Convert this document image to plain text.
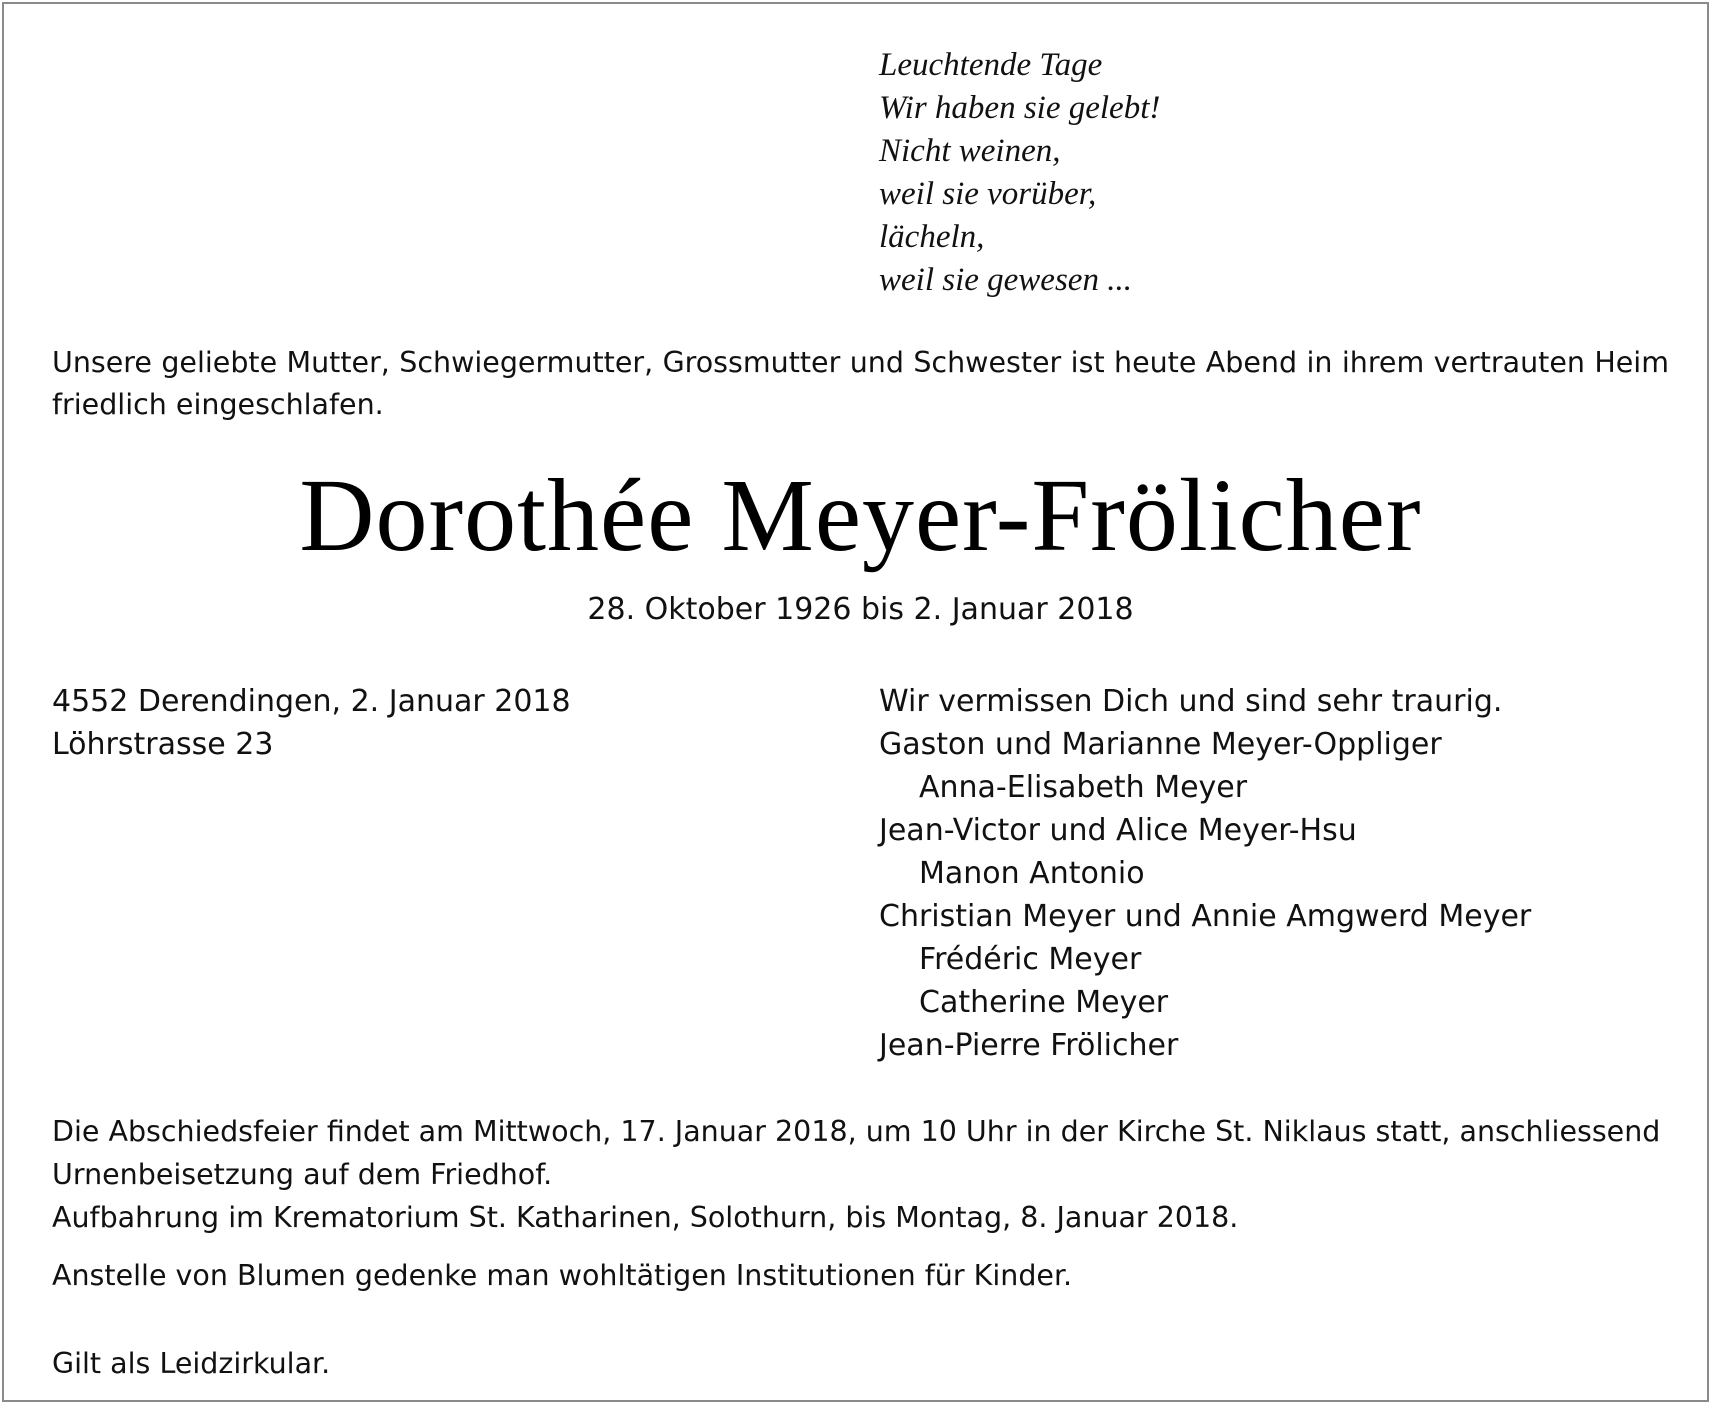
Leuchtende Tage
Wir haben sie gelebt!
Nicht weinen,
weil sie vorüber,
lächeln,
weil sie gewesen ...

Unsere geliebte Mutter, Schwiegermutter, Grossmutter und Schwester ist heute Abend in ihrem vertrauten Heim friedlich eingeschlafen.

Dorothée Meyer-Frölicher
28. Oktober 1926 bis 2. Januar 2018
4552 Derendingen, 2. Januar 2018
Löhrstrasse 23
Wir vermissen Dich und sind sehr traurig.
Gaston und Marianne Meyer-Oppliger
Anna-Elisabeth Meyer
Jean-Victor und Alice Meyer-Hsu
Manon Antonio
Christian Meyer und Annie Amgwerd Meyer
Frédéric Meyer
Catherine Meyer
Jean-Pierre Frölicher

Die Abschiedsfeier findet am Mittwoch, 17. Januar 2018, um 10 Uhr in der Kirche St. Niklaus statt, anschliessend Urnenbeisetzung auf dem Friedhof.

Aufbahrung im Krematorium St. Katharinen, Solothurn, bis Montag, 8. Januar 2018.

Anstelle von Blumen gedenke man wohltätigen Institutionen für Kinder.
Gilt als Leidzirkular.
